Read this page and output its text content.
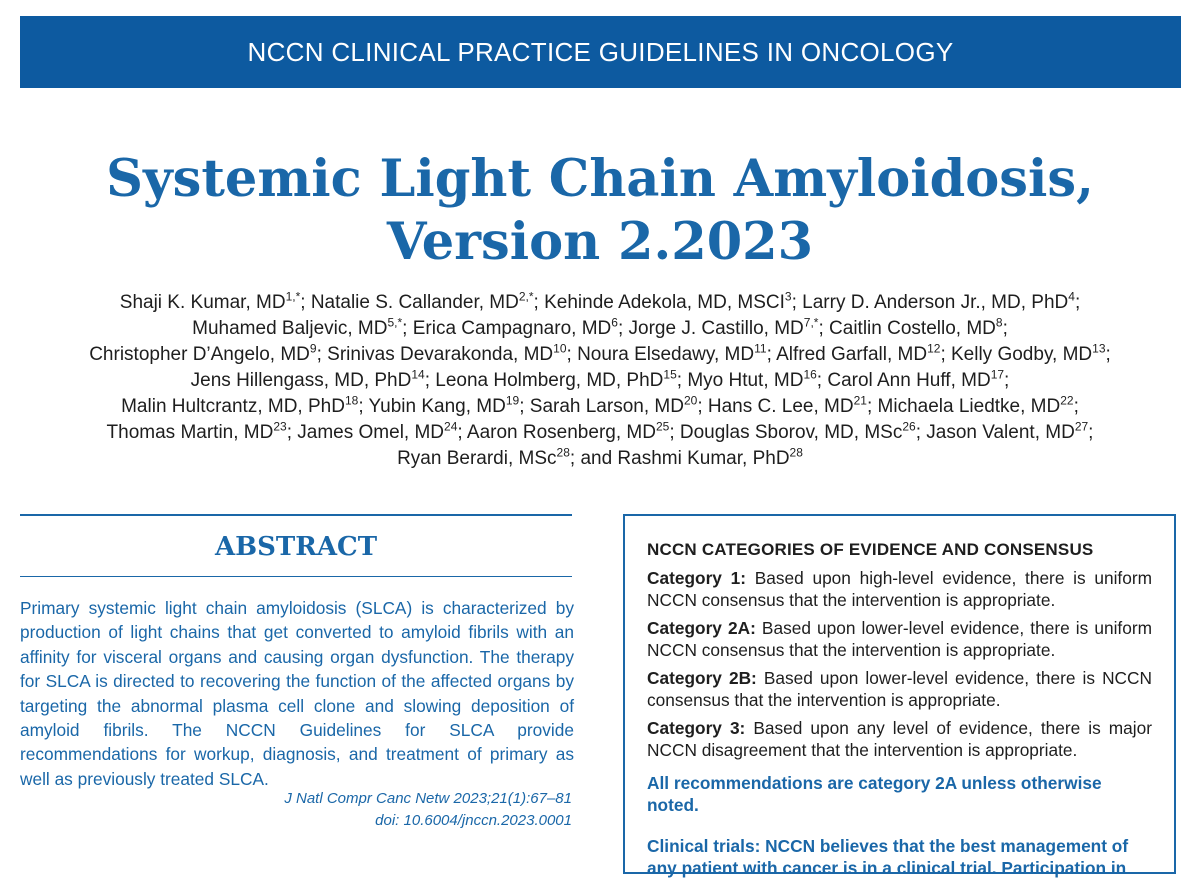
NCCN CLINICAL PRACTICE GUIDELINES IN ONCOLOGY
Systemic Light Chain Amyloidosis,
Version 2.2023
Shaji K. Kumar, $MD^{1,*}$; Natalie S. Callander, $MD^{2,*}$; Kehinde Adekola, MD, MSCI$^3$; Larry D. Anderson Jr., MD, PhD$^4$;
Muhamed Baljevic, $MD^{5,*}$; Erica Campagnaro, $MD^6$; Jorge J. Castillo, $MD^{7,*}$; Caitlin Costello, $MD^8$;
Christopher D’Angelo, $MD^9$; Srinivas Devarakonda, MD$^{10}$; Noura Elsedawy, MD$^{11}$; Alfred Garfall, MD$^{12}$; Kelly Godby, MD$^{13}$;
Jens Hillengass, MD, PhD$^{14}$; Leona Holmberg, MD, PhD$^{15}$; Myo Htut, MD$^{16}$; Carol Ann Huff, MD$^{17}$;
Malin Hultcrantz, MD, PhD$^{18}$; Yubin Kang, MD$^{19}$; Sarah Larson, MD$^{20}$; Hans C. Lee, MD$^{21}$; Michaela Liedtke, MD$^{22}$;
Thomas Martin, MD$^{23}$; James Omel, MD$^{24}$; Aaron Rosenberg, MD$^{25}$; Douglas Sborov, MD, MSc$^{26}$; Jason Valent, MD$^{27}$;
Ryan Berardi, MSc$^{28}$; and Rashmi Kumar, PhD$^{28}$
ABSTRACT
Primary systemic light chain amyloidosis (SLCA) is characterized by production of light chains that get converted to amyloid fibrils with an affinity for visceral organs and causing organ dysfunction. The therapy for SLCA is directed to recovering the function of the affected organs by targeting the abnormal plasma cell clone and slowing deposition of amyloid fibrils. The NCCN Guidelines for SLCA provide recommendations for workup, diagnosis, and treatment of primary as well as previously treated SLCA.
J Natl Compr Canc Netw 2023;21(1):67–81
doi: 10.6004/jnccn.2023.0001
NCCN CATEGORIES OF EVIDENCE AND CONSENSUS
Category 1: Based upon high-level evidence, there is uniform NCCN consensus that the intervention is appropriate.
Category 2A: Based upon lower-level evidence, there is uniform NCCN consensus that the intervention is appropriate.
Category 2B: Based upon lower-level evidence, there is NCCN consensus that the intervention is appropriate.
Category 3: Based upon any level of evidence, there is major NCCN disagreement that the intervention is appropriate.
All recommendations are category 2A unless otherwise noted.
Clinical trials: NCCN believes that the best management of any patient with cancer is in a clinical trial. Participation in
